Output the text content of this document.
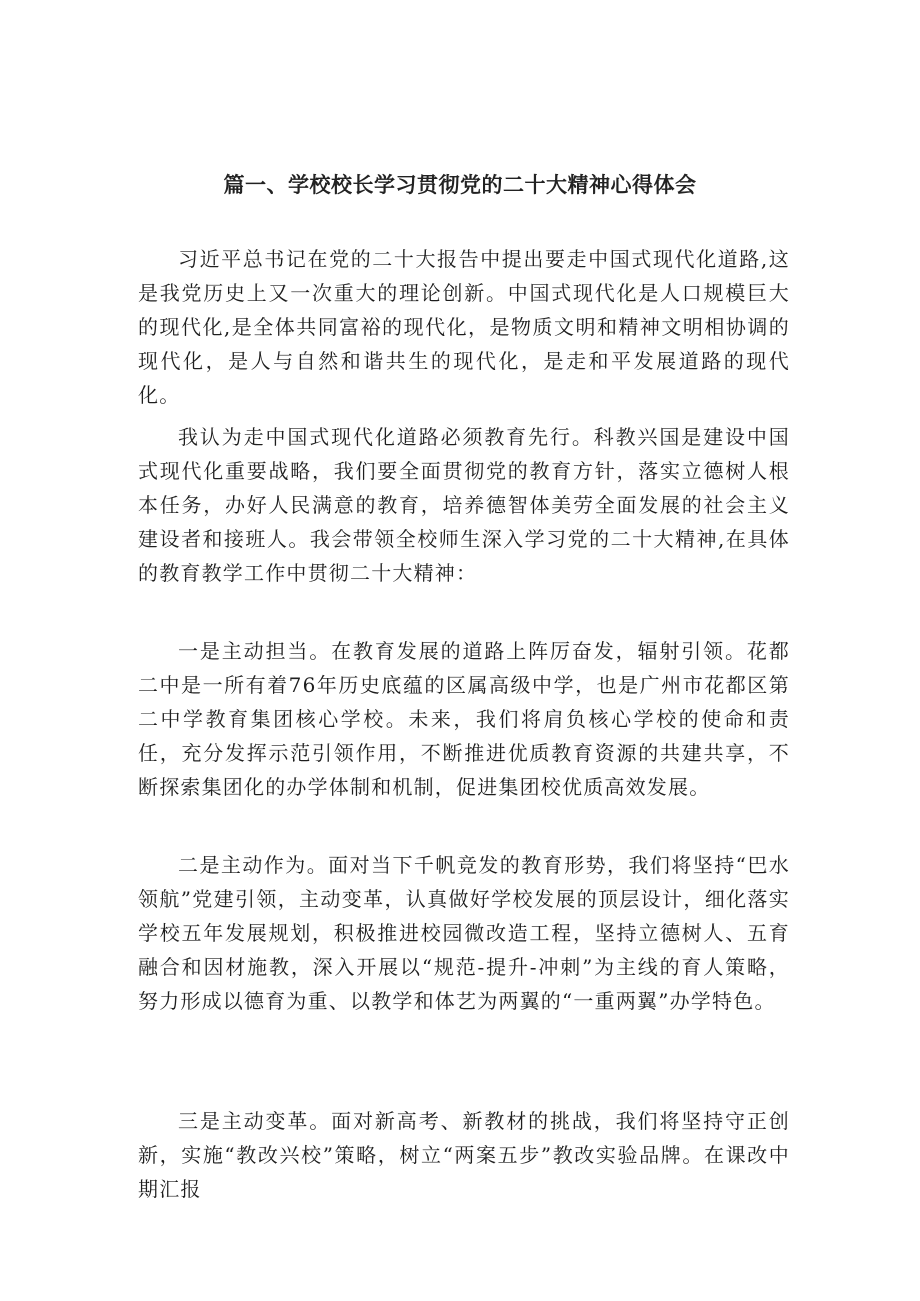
篇一、学校校长学习贯彻党的二十大精神心得体会

习近平总书记在党的二十大报告中提出要走中国式现代化道路,这是我党历史上又一次重大的理论创新。中国式现代化是人口规模巨大的现代化,是全体共同富裕的现代化，是物质文明和精神文明相协调的现代化，是人与自然和谐共生的现代化，是走和平发展道路的现代化。

我认为走中国式现代化道路必须教育先行。科教兴国是建设中国式现代化重要战略，我们要全面贯彻党的教育方针，落实立德树人根本任务，办好人民满意的教育，培养德智体美劳全面发展的社会主义建设者和接班人。我会带领全校师生深入学习党的二十大精神,在具体的教育教学工作中贯彻二十大精神：

一是主动担当。在教育发展的道路上阵厉奋发，辐射引领。花都二中是一所有着76年历史底蕴的区属高级中学，也是广州市花都区第二中学教育集团核心学校。未来，我们将肩负核心学校的使命和责任，充分发挥示范引领作用，不断推进优质教育资源的共建共享，不断探索集团化的办学体制和机制，促进集团校优质高效发展。

二是主动作为。面对当下千帆竞发的教育形势，我们将坚持“巴水领航”党建引领，主动变革，认真做好学校发展的顶层设计，细化落实学校五年发展规划，积极推进校园微改造工程，坚持立德树人、五育融合和因材施教，深入开展以“规范-提升-冲刺”为主线的育人策略，努力形成以德育为重、以教学和体艺为两翼的“一重两翼”办学特色。

三是主动变革。面对新高考、新教材的挑战，我们将坚持守正创新，实施“教改兴校”策略，树立“两案五步”教改实验品牌。在课改中期汇报
